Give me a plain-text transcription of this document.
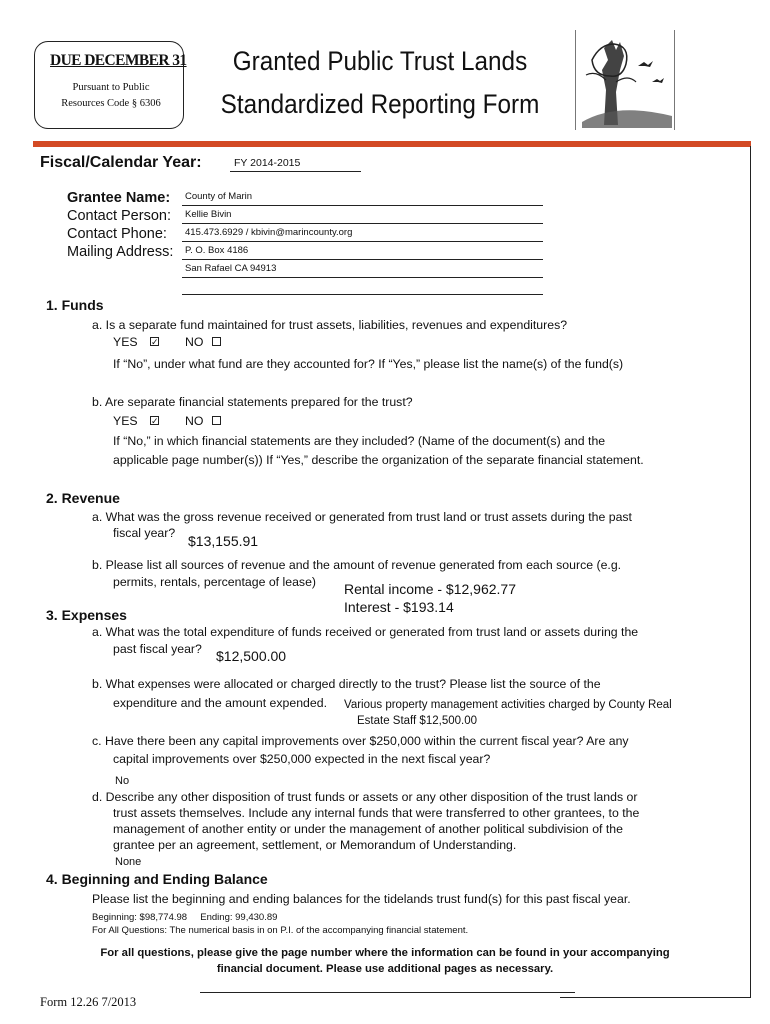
DUE DECEMBER 31
Pursuant to Public
Resources Code § 6306
Granted Public Trust Lands
Standardized Reporting Form
Fiscal/Calendar Year:	FY 2014-2015
Grantee Name: County of Marin
Contact Person: Kellie Bivin
Contact Phone: 415.473.6929 / kbivin@marincounty.org
Mailing Address: P. O. Box 4186
San Rafael CA 94913
1. Funds
a. Is a separate fund maintained for trust assets, liabilities, revenues and expenditures?
YES ✓ NO
If “No”, under what fund are they accounted for? If “Yes,” please list the name(s) of the fund(s)
b. Are separate financial statements prepared for the trust?
YES ✓ NO
If “No,” in which financial statements are they included? (Name of the document(s) and the
applicable page number(s)) If “Yes,” describe the organization of the separate financial statement.
2. Revenue
a. What was the gross revenue received or generated from trust land or trust assets during the past
fiscal year? $13,155.91
b. Please list all sources of revenue and the amount of revenue generated from each source (e.g.
permits, rentals, percentage of lease) Rental income - $12,962.77
Interest - $193.14
3. Expenses
a. What was the total expenditure of funds received or generated from trust land or assets during the
past fiscal year? $12,500.00
b. What expenses were allocated or charged directly to the trust? Please list the source of the
expenditure and the amount expended. Various property management activities charged by County Real
Estate Staff $12,500.00
c. Have there been any capital improvements over $250,000 within the current fiscal year? Are any
capital improvements over $250,000 expected in the next fiscal year?
No
d. Describe any other disposition of trust funds or assets or any other disposition of the trust lands or
trust assets themselves. Include any internal funds that were transferred to other grantees, to the
management of another entity or under the management of another political subdivision of the
grantee per an agreement, settlement, or Memorandum of Understanding.
None
4. Beginning and Ending Balance
Please list the beginning and ending balances for the tidelands trust fund(s) for this past fiscal year.
Beginning: $98,774.98     Ending: 99,430.89
For All Questions: The numerical basis in on P.I. of the accompanying financial statement.
For all questions, please give the page number where the information can be found in your accompanying
financial document. Please use additional pages as necessary.
Form 12.26 7/2013
